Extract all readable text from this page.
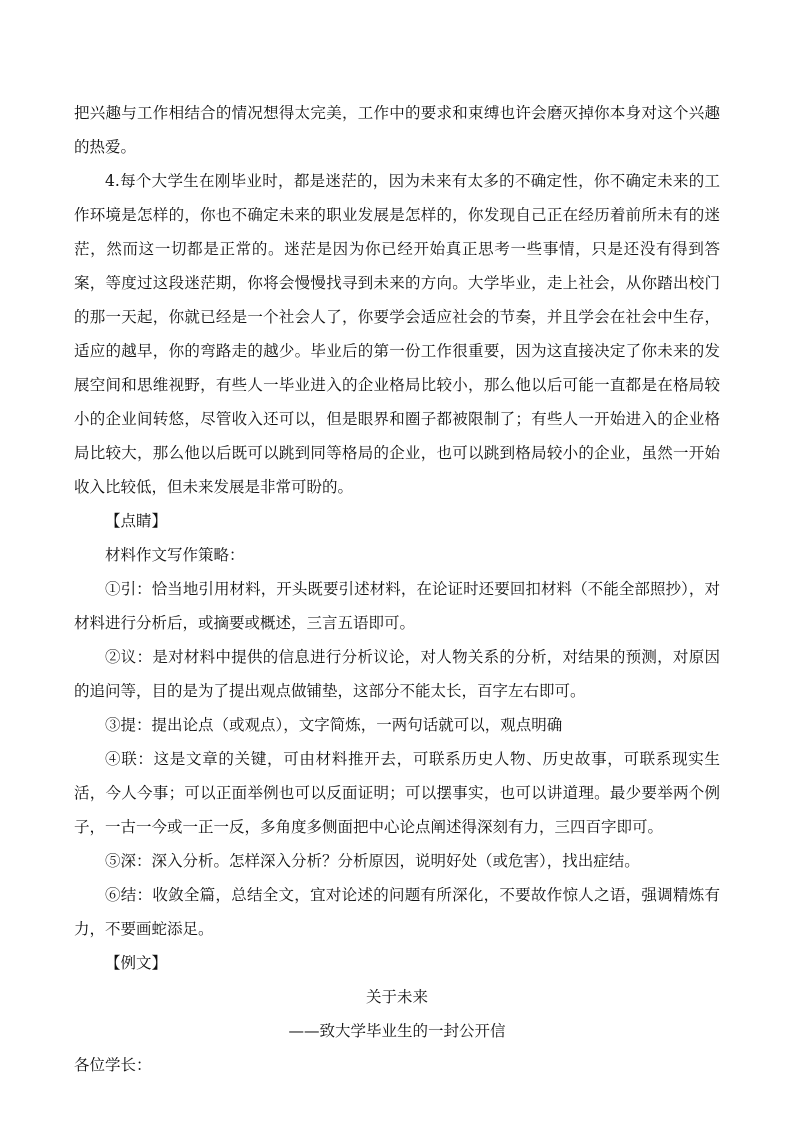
把兴趣与工作相结合的情况想得太完美，工作中的要求和束缚也许会磨灭掉你本身对这个兴趣的热爱。

4.每个大学生在刚毕业时，都是迷茫的，因为未来有太多的不确定性，你不确定未来的工作环境是怎样的，你也不确定未来的职业发展是怎样的，你发现自己正在经历着前所未有的迷茫，然而这一切都是正常的。迷茫是因为你已经开始真正思考一些事情，只是还没有得到答案，等度过这段迷茫期，你将会慢慢找寻到未来的方向。大学毕业，走上社会，从你踏出校门的那一天起，你就已经是一个社会人了，你要学会适应社会的节奏，并且学会在社会中生存，适应的越早，你的弯路走的越少。毕业后的第一份工作很重要，因为这直接决定了你未来的发展空间和思维视野，有些人一毕业进入的企业格局比较小，那么他以后可能一直都是在格局较小的企业间转悠，尽管收入还可以，但是眼界和圈子都被限制了；有些人一开始进入的企业格局比较大，那么他以后既可以跳到同等格局的企业，也可以跳到格局较小的企业，虽然一开始收入比较低，但未来发展是非常可盼的。

【点睛】

材料作文写作策略：

①引：恰当地引用材料，开头既要引述材料，在论证时还要回扣材料（不能全部照抄），对材料进行分析后，或摘要或概述，三言五语即可。

②议：是对材料中提供的信息进行分析议论，对人物关系的分析，对结果的预测，对原因的追问等，目的是为了提出观点做铺垫，这部分不能太长，百字左右即可。

③提：提出论点（或观点），文字简炼，一两句话就可以，观点明确

④联：这是文章的关键，可由材料推开去，可联系历史人物、历史故事，可联系现实生活，今人今事；可以正面举例也可以反面证明；可以摆事实，也可以讲道理。最少要举两个例子，一古一今或一正一反，多角度多侧面把中心论点阐述得深刻有力，三四百字即可。

⑤深：深入分析。怎样深入分析？分析原因，说明好处（或危害），找出症结。

⑥结：收敛全篇，总结全文，宜对论述的问题有所深化，不要故作惊人之语，强调精炼有力，不要画蛇添足。

【例文】

关于未来

——致大学毕业生的一封公开信

各位学长：
